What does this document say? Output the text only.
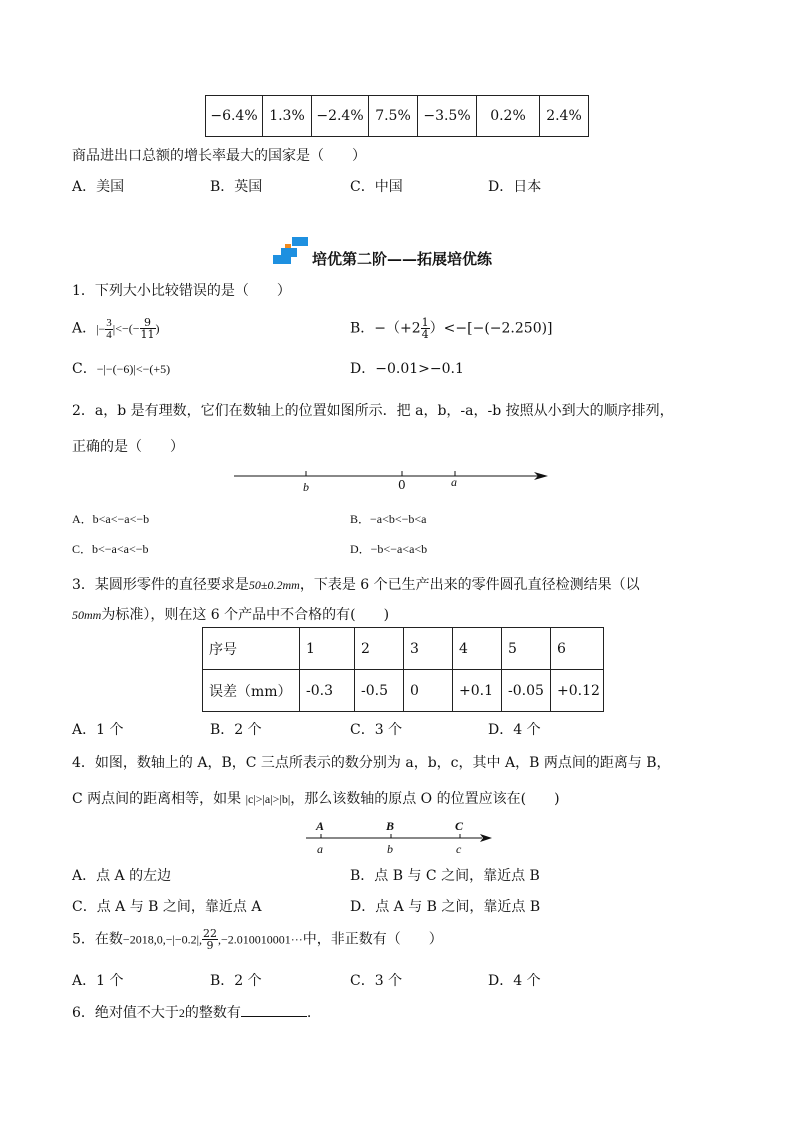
−6.4%	1.3%	−2.4%	7.5%	−3.5%	0.2%	2.4%
商品进出口总额的增长率最大的国家是（　　）
A．美国	B．英国	C．中国	D．日本
培优第二阶——拓展培优练
1．下列大小比较错误的是（　　）
A．|− $\frac{3}{4}$ |<−(− $\frac{9}{11}$ )	B．$-(+2 \frac{1}{4} )<-[-(-2.250)]$
C．−|−(−6)|<−(+5)	D．−0.01>−0.1
2．a，b 是有理数，它们在数轴上的位置如图所示．把 a，b，-a，-b 按照从小到大的顺序排列，
正确的是（　　）
b	0	a
A．b<a<−a<−b	B．−a<b<−b<a
C．b<−a<a<−b	D．−b<−a<a<b
3．某圆形零件的直径要求是50±0.2mm，下表是 6 个已生产出来的零件圆孔直径检测结果（以
50mm为标准），则在这 6 个产品中不合格的有(　　)
序号	1	2	3	4	5	6
误差（mm）	-0.3	-0.5	0	+0.1	-0.05	+0.12
A．1 个	B．2 个	C．3 个	D．4 个
4．如图，数轴上的 A，B，C 三点所表示的数分别为 a，b，c，其中 A，B 两点间的距离与 B，
C 两点间的距离相等，如果 |c|>|a|>|b|，那么该数轴的原点 O 的位置应该在(　　)
A	B	C
a	b	c
A．点 A 的左边	B．点 B 与 C 之间，靠近点 B
C．点 A 与 B 之间，靠近点 A	D．点 A 与 B 之间，靠近点 B
5．在数−2018,0,−|−0.2|, $\frac{22}{9} ,-2.010010001\cdot\cdot\cdot$中，非正数有（　　）
A．1 个	B．2 个	C．3 个	D．4 个
6．绝对值不大于2的整数有	.
